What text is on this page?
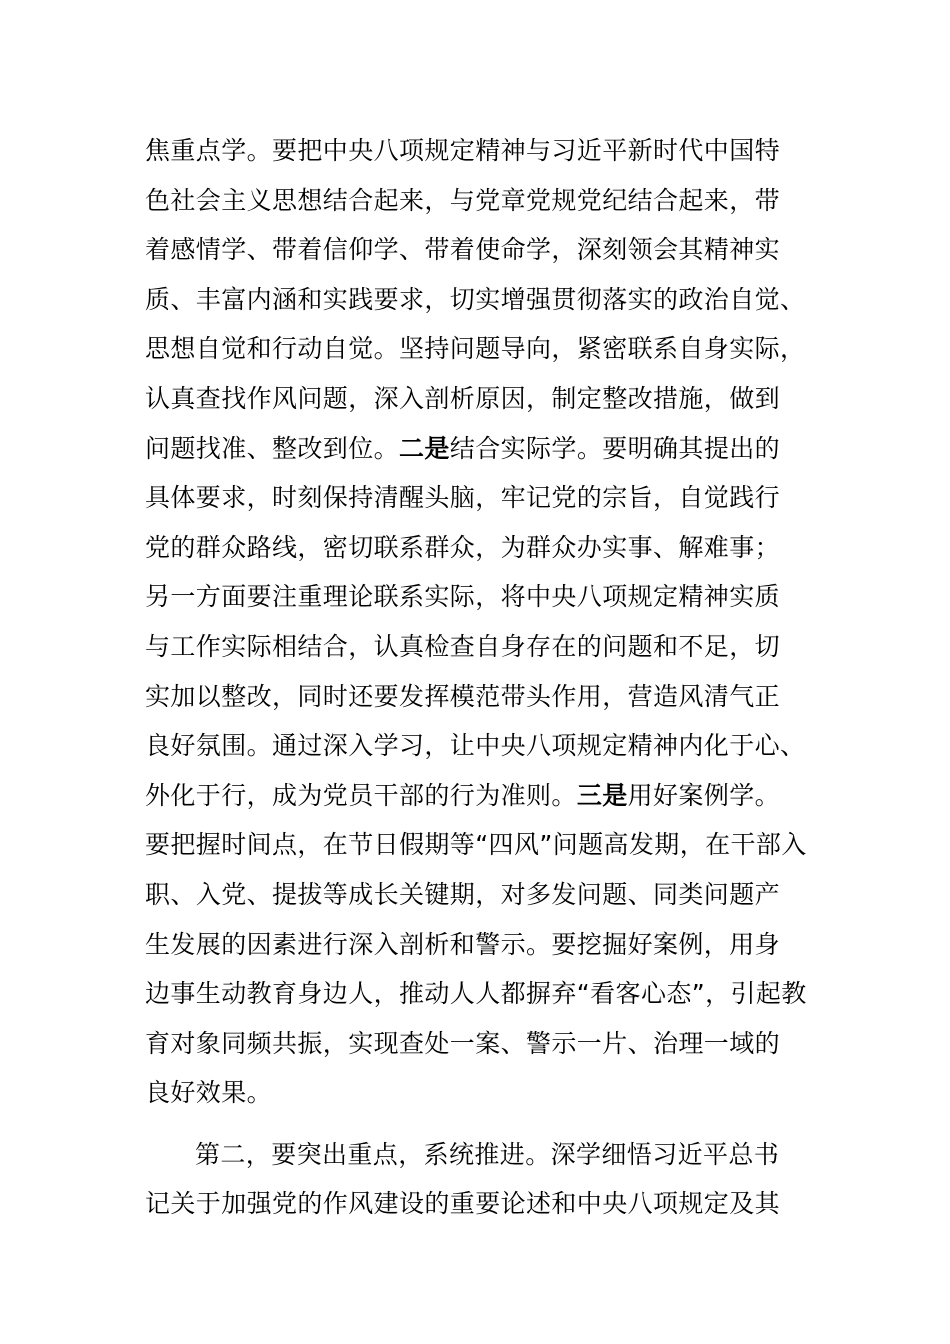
焦重点学。要把中央八项规定精神与习近平新时代中国特
色社会主义思想结合起来，与党章党规党纪结合起来，带
着感情学、带着信仰学、带着使命学，深刻领会其精神实
质、丰富内涵和实践要求，切实增强贯彻落实的政治自觉、
思想自觉和行动自觉。坚持问题导向，紧密联系自身实际，
认真查找作风问题，深入剖析原因，制定整改措施，做到
问题找准、整改到位。二是结合实际学。要明确其提出的
具体要求，时刻保持清醒头脑，牢记党的宗旨，自觉践行
党的群众路线，密切联系群众，为群众办实事、解难事；
另一方面要注重理论联系实际，将中央八项规定精神实质
与工作实际相结合，认真检查自身存在的问题和不足，切
实加以整改，同时还要发挥模范带头作用，营造风清气正
良好氛围。通过深入学习，让中央八项规定精神内化于心、
外化于行，成为党员干部的行为准则。三是用好案例学。
要把握时间点，在节日假期等“四风”问题高发期，在干部入
职、入党、提拔等成长关键期，对多发问题、同类问题产
生发展的因素进行深入剖析和警示。要挖掘好案例，用身
边事生动教育身边人，推动人人都摒弃“看客心态”，引起教
育对象同频共振，实现查处一案、警示一片、治理一域的
良好效果。
第二，要突出重点，系统推进。深学细悟习近平总书
记关于加强党的作风建设的重要论述和中央八项规定及其
